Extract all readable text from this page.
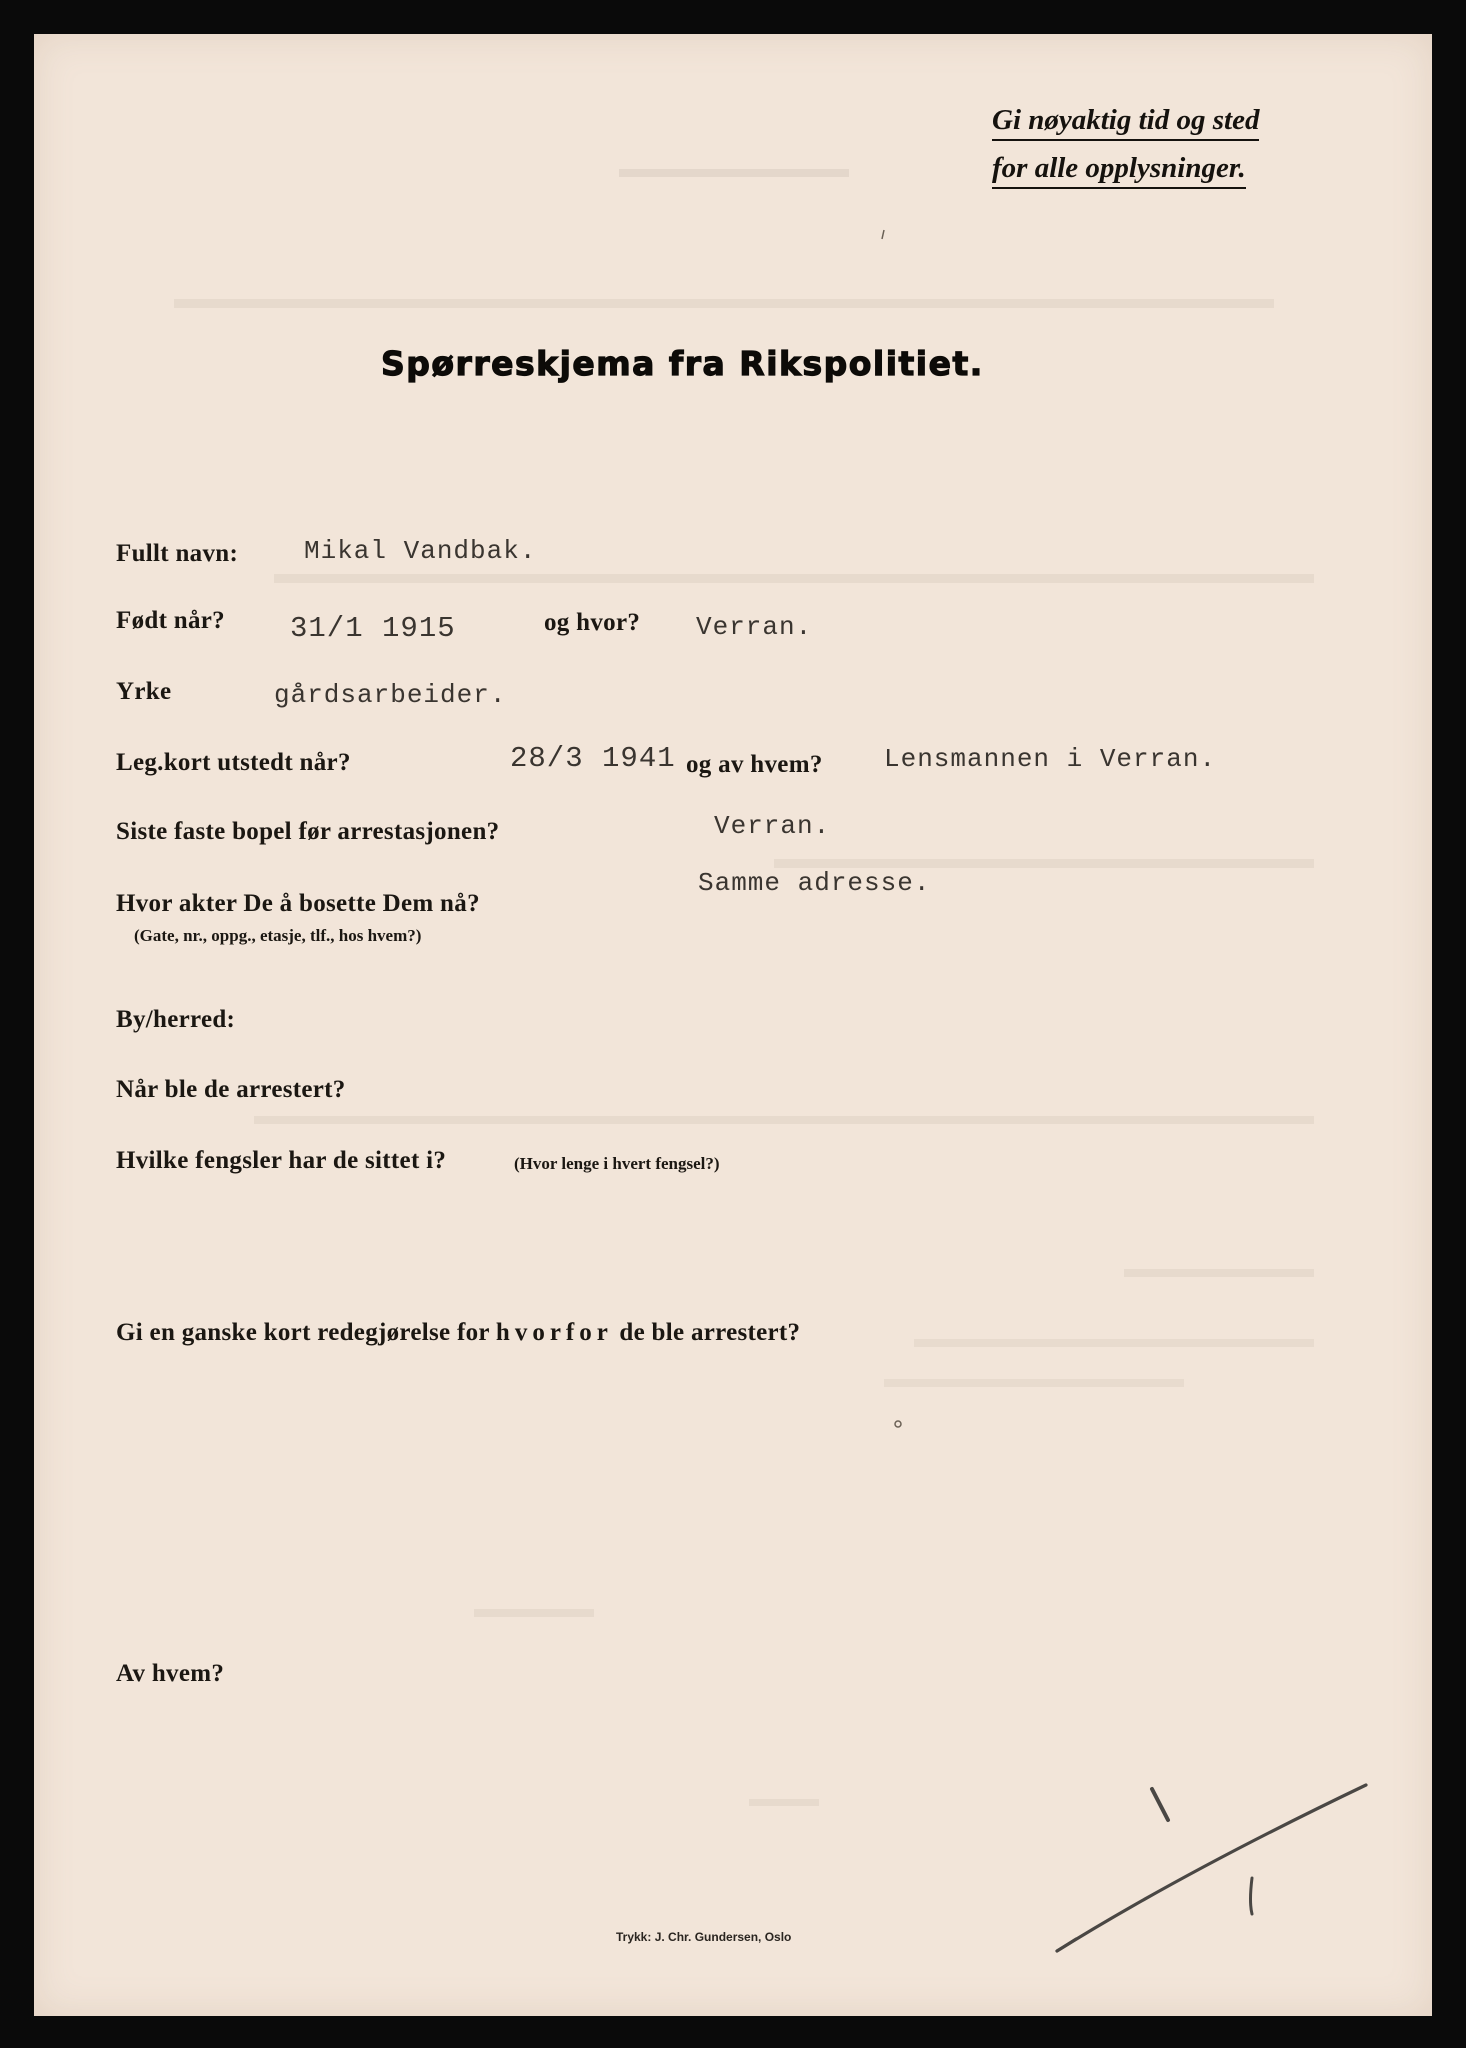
Gi nøyaktig tid og sted
for alle opplysninger.
Spørreskjema fra Rikspolitiet.
Fullt navn:	Mikal Vandbak.
Født når? 31/1 1915	og hvor? Verran.
Yrke	gårdsarbeider.
Leg.kort utstedt når?	28/3 1941 og av hvem? Lensmannen i Verran.
Siste faste bopel før arrestasjonen?	Verran.
Hvor akter De å bosette Dem nå?
(Gate, nr., oppg., etasje, tlf., hos hvem?)
Samme adresse.
By/herred:
Når ble de arrestert?
Hvilke fengsler har de sittet i?	(Hvor lenge i hvert fengsel?)
Gi en ganske kort redegjørelse for hvorfor de ble arrestert?
Av hvem?
Trykk: J. Chr. Gundersen, Oslo
